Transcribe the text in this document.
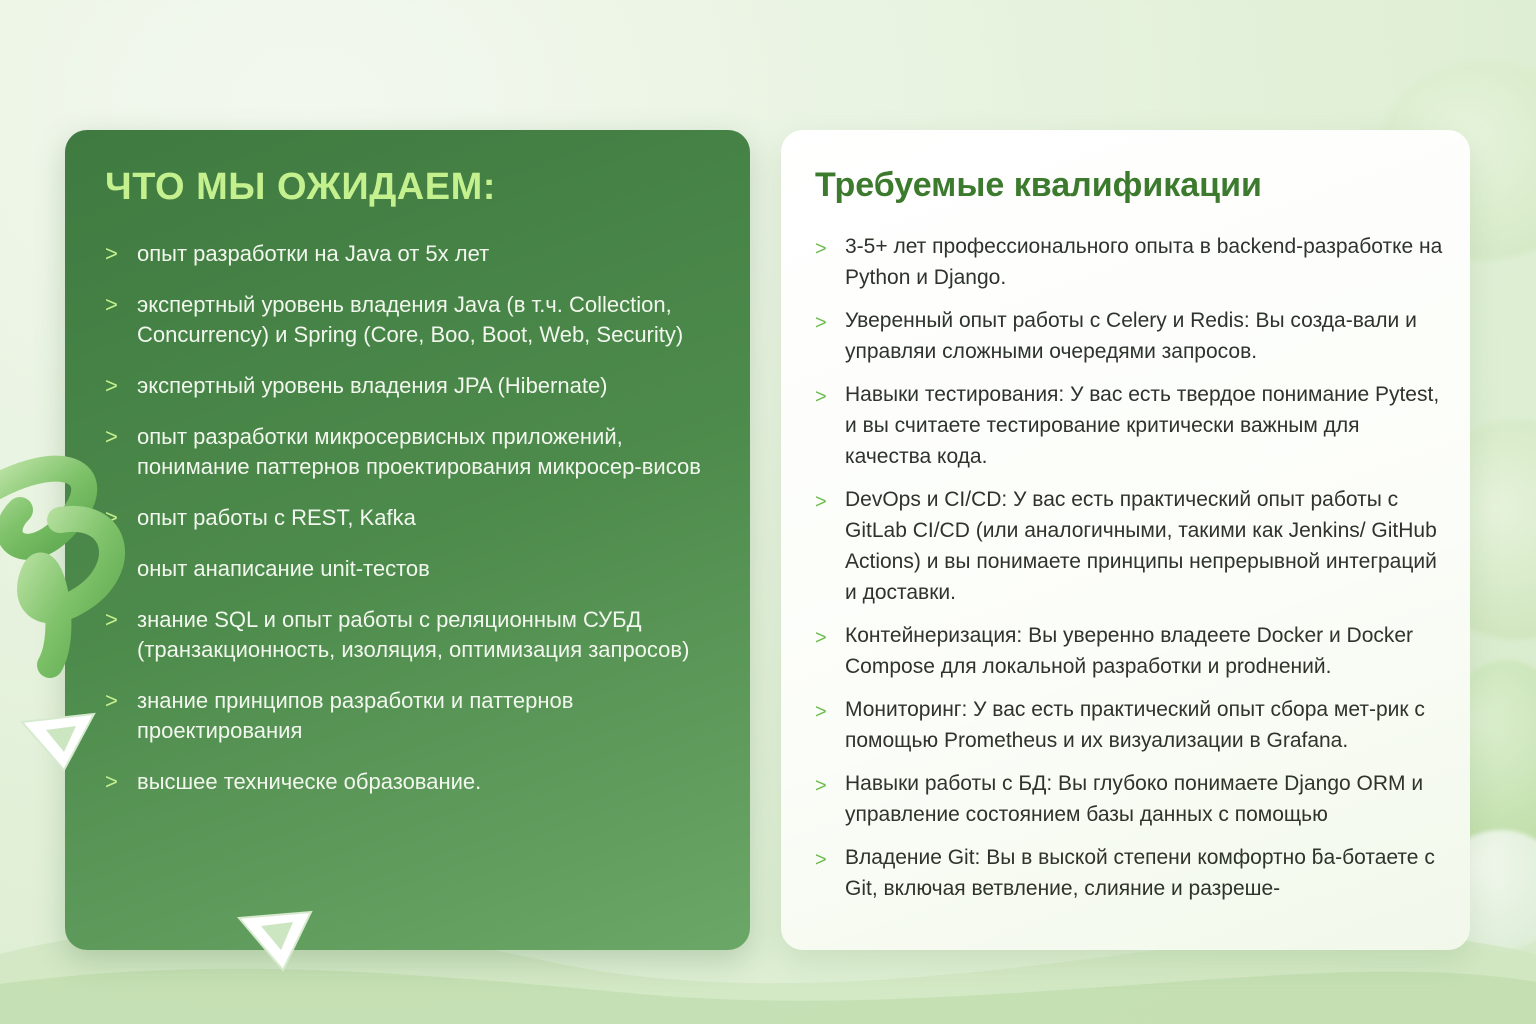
ЧТО МЫ ОЖИДАЕМ:
> опыт разработки на Java от 5х лет
> экспертный уровень владения Java (в т.ч. Collection, Concurrency) и Spring (Core, Boo, Boot, Web, Security)
> экспертный уровень владения JPA (Hibernate)
> опыт разработки микросервисных приложений, понимание паттернов проектирования микросер-висов
> опыт работы с REST, Kafka
> оныт анаписание unit-тестов
> знание SQL и опыт работы с реляционным СУБД (транзакционность, изоляция, оптимизация запросов)
> знание принципов разработки и паттернов проектирования
> высшее техническе образование.
Требуемые квалификации
> 3-5+ лет профессионального опыта в backend-разработке на Python и Django.
> Уверенный опыт работы с Celery и Redis: Вы созда-вали и управляи сложными очередями запросов.
> Навыки тестирования: У вас есть твердое понимание Pytest, и вы считаете тестирование критически важным для качества кода.
> DevOps и CI/CD: У вас есть практический опыт работы с GitLab CI/CD (или аналогичными, такими как Jenkins/ GitHub Actions) и вы понимаете принципы непрерывной интеграций и доставки.
> Контейнеризация: Вы уверенно владеете Docker и Docker Compose для локальной разработки и prodнений.
> Мониторинг: У вас есть практический опыт сбора мет-рик с помощью Prometheus и их визуализации в Grafana.
> Навыки работы с БД: Вы глубоко понимаете Django ORM и управление состоянием базы данных с помощью
> Владение Git: Вы в выской степени комфортно ƃа-ботаете с Git, включая ветвление, слияние и разреше-
